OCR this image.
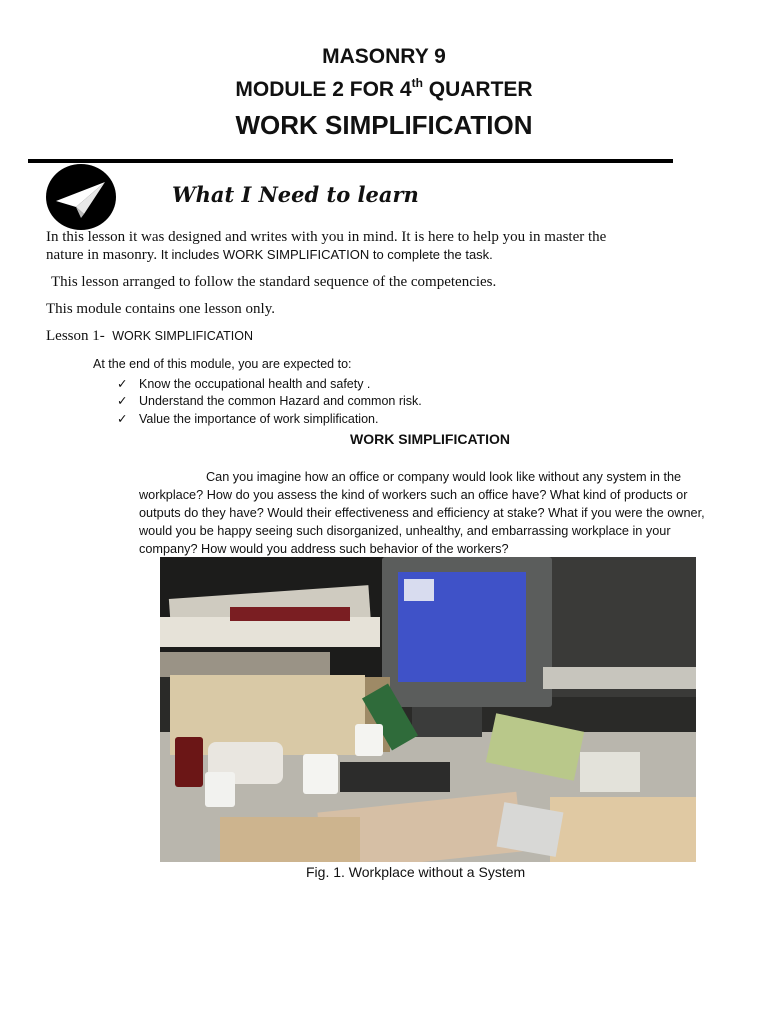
MASONRY 9
MODULE 2 FOR 4th QUARTER
WORK SIMPLIFICATION
What I Need to learn
In this lesson it was designed and writes with you in mind. It is here to help you in master the
nature in masonry. It includes WORK SIMPLIFICATION to complete the task.
This lesson arranged to follow the standard sequence of the competencies.
This module contains one lesson only.
Lesson 1- WORK SIMPLIFICATION
At the end of this module, you are expected to:
✓ Know the occupational health and safety .
✓ Understand the common Hazard and common risk.
✓ Value the importance of work simplification.
WORK SIMPLIFICATION
Can you imagine how an office or company would look like without any system in the workplace? How do you assess the kind of workers such an office have? What kind of products or outputs do they have? Would their effectiveness and efficiency at stake? What if you were the owner, would you be happy seeing such disorganized, unhealthy, and embarrassing workplace in your company? How would you address such behavior of the workers?
Fig. 1. Workplace without a System
